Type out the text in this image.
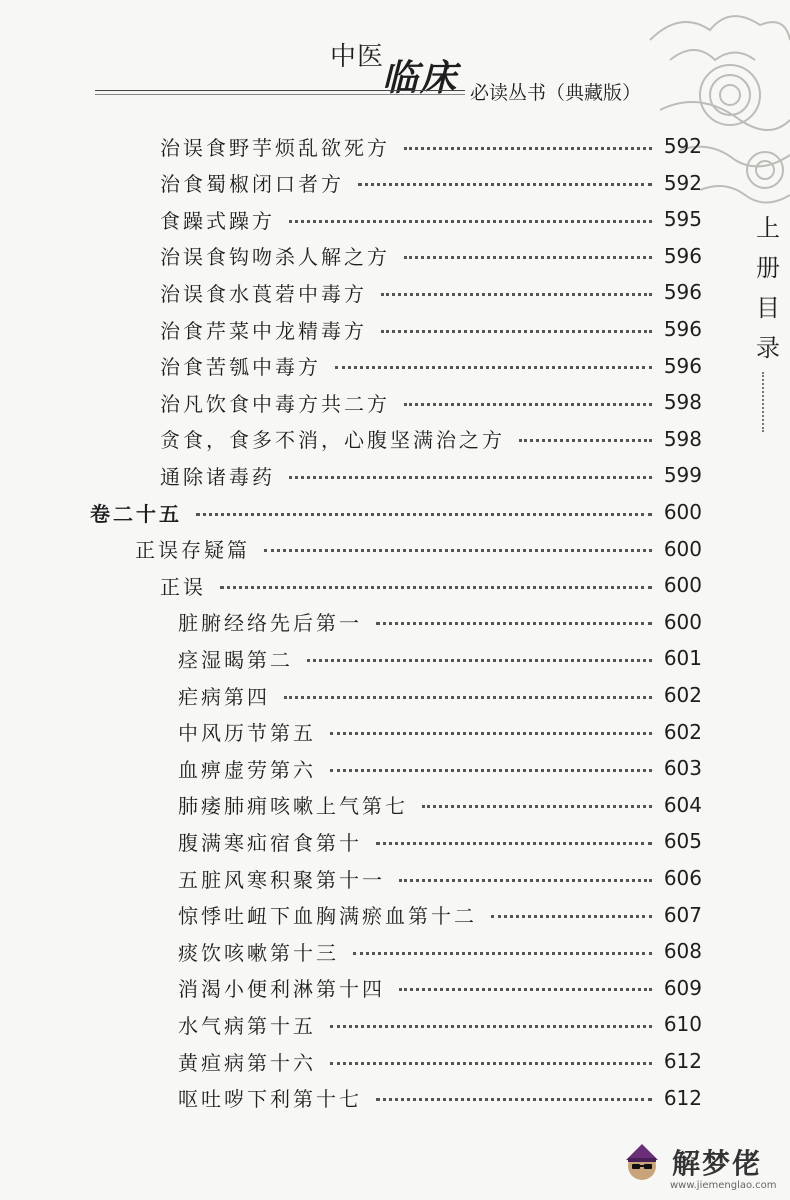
中医
临床 必读丛书（典藏版）
上
册
目
录
治误食野芋烦乱欲死方	592
治食蜀椒闭口者方	592
食躁式躁方	595
治误食钩吻杀人解之方	596
治误食水莨菪中毒方	596
治食芹菜中龙精毒方	596
治食苦瓠中毒方	596
治凡饮食中毒方共二方	598
贪食，食多不消，心腹坚满治之方	598
通除诸毒药	599
卷二十五	600
正误存疑篇	600
正误	600
脏腑经络先后第一	600
痉湿暍第二	601
疟病第四	602
中风历节第五	602
血痹虚劳第六	603
肺痿肺痈咳嗽上气第七	604
腹满寒疝宿食第十	605
五脏风寒积聚第十一	606
惊悸吐衄下血胸满瘀血第十二	607
痰饮咳嗽第十三	608
消渴小便利淋第十四	609
水气病第十五	610
黄疸病第十六	612
呕吐哕下利第十七	612
解梦佬
www.jiemenglao.com
